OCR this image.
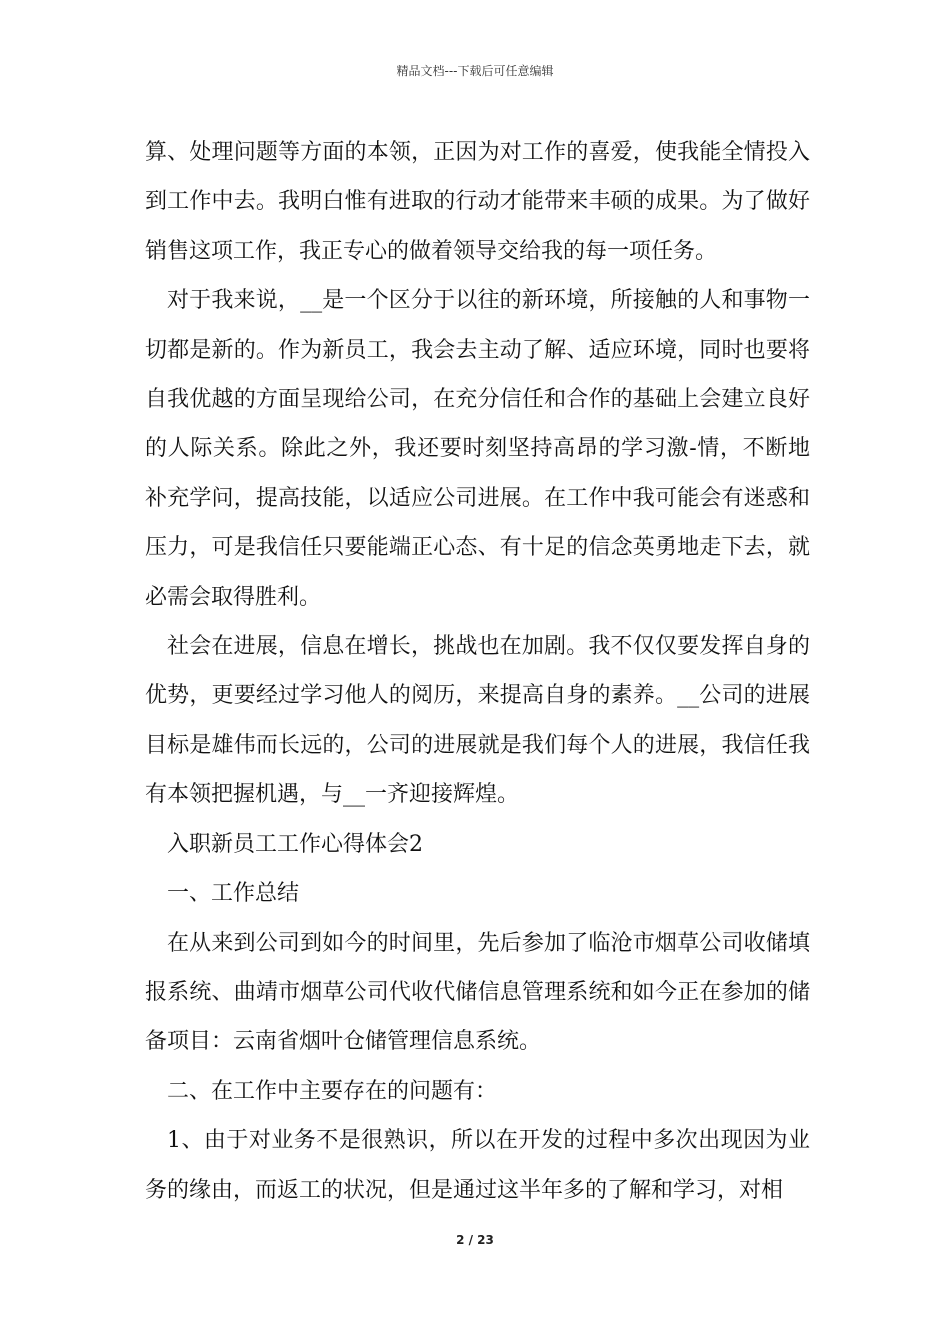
精品文档---下载后可任意编辑

算、处理问题等方面的本领，正因为对工作的喜爱，使我能全情投入到工作中去。我明白惟有进取的行动才能带来丰硕的成果。为了做好销售这项工作，我正专心的做着领导交给我的每一项任务。

对于我来说，__是一个区分于以往的新环境，所接触的人和事物一切都是新的。作为新员工，我会去主动了解、适应环境，同时也要将自我优越的方面呈现给公司，在充分信任和合作的基础上会建立良好的人际关系。除此之外，我还要时刻坚持高昂的学习激-情，不断地补充学问，提高技能，以适应公司进展。在工作中我可能会有迷惑和压力，可是我信任只要能端正心态、有十足的信念英勇地走下去，就必需会取得胜利。

社会在进展，信息在增长，挑战也在加剧。我不仅仅要发挥自身的优势，更要经过学习他人的阅历，来提高自身的素养。__公司的进展目标是雄伟而长远的，公司的进展就是我们每个人的进展，我信任我有本领把握机遇，与__一齐迎接辉煌。

入职新员工工作心得体会2

一、工作总结

在从来到公司到如今的时间里，先后参加了临沧市烟草公司收储填报系统、曲靖市烟草公司代收代储信息管理系统和如今正在参加的储备项目：云南省烟叶仓储管理信息系统。

二、在工作中主要存在的问题有：

1、由于对业务不是很熟识，所以在开发的过程中多次出现因为业务的缘由，而返工的状况，但是通过这半年多的了解和学习，对相

2 / 23
